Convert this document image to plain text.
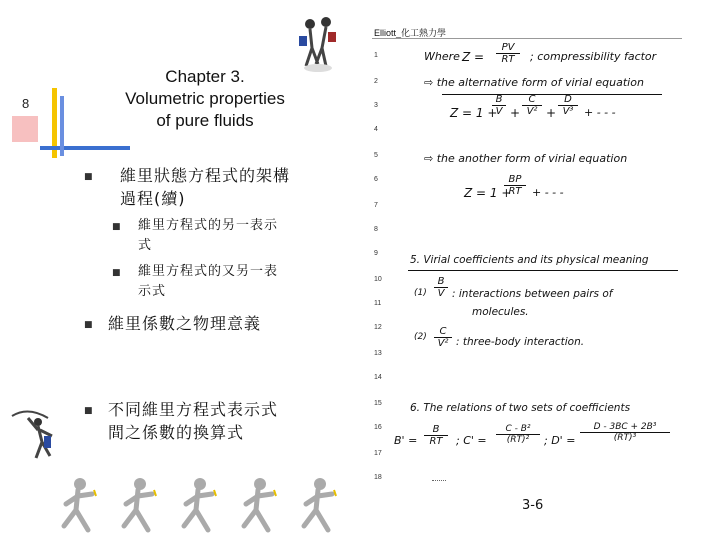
8
Chapter 3.
Volumetric properties
of pure fluids
■ 維里狀態方程式的架構
過程(續)
■ 維里方程式的另一表示
式
■ 維里方程式的又另一表
示式
■ 維里係數之物理意義
■ 不同維里方程式表示式
間之係數的換算式
Elliott_化工熱力學
1
2
3
4
5
6
7
8
9
10
11
12
13
14
15
16
17
18
Where Z =
PV
RT	; compressibility factor
⇨ the alternative form of virial equation
Z = 1 +
B
V +
C
V² +
D
V³ + - - -
⇨ the another form of virial equation
Z = 1 +
BP
RT + - - -
5. Virial coefficients and its physical meaning
(1)
B
V : interactions between pairs of
molecules.
(2)	C
V² : three-body interaction.
6. The relations of two sets of coefficients
B' =
B
RT	; C' =
C - B²
(RT)²	; D' =
D - 3BC + 2B³
(RT)³
3-6
